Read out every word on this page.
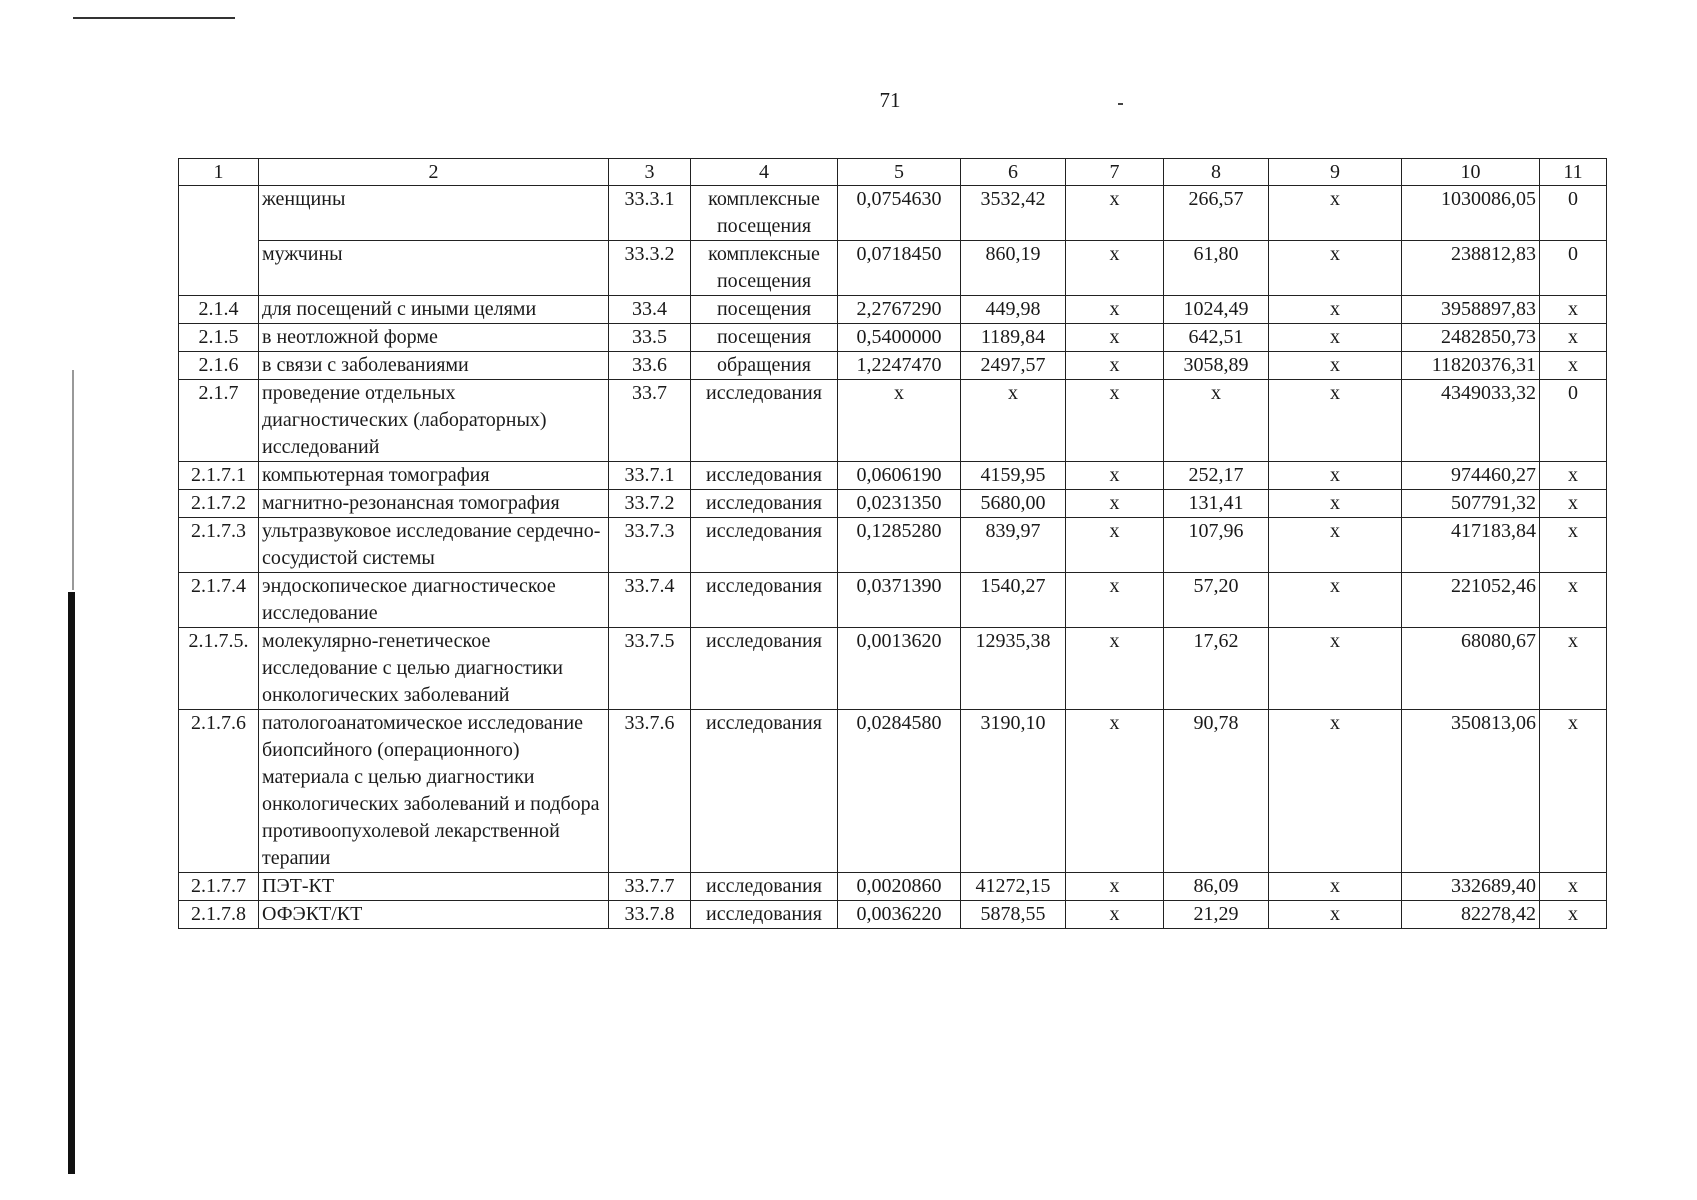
71
1	2	3	4	5	6	7	8	9	10	11
	женщины	33.3.1	комплексные посещения	0,0754630	3532,42	х	266,57	х	1030086,05	0
	мужчины	33.3.2	комплексные посещения	0,0718450	860,19	х	61,80	х	238812,83	0
2.1.4	для посещений с иными целями	33.4	посещения	2,2767290	449,98	х	1024,49	х	3958897,83	х
2.1.5	в неотложной форме	33.5	посещения	0,5400000	1189,84	х	642,51	х	2482850,73	х
2.1.6	в связи с заболеваниями	33.6	обращения	1,2247470	2497,57	х	3058,89	х	11820376,31	х
2.1.7	проведение отдельных диагностических (лабораторных) исследований	33.7	исследования	х	х	х	х	х	4349033,32	0
2.1.7.1	компьютерная томография	33.7.1	исследования	0,0606190	4159,95	х	252,17	х	974460,27	х
2.1.7.2	магнитно-резонансная томография	33.7.2	исследования	0,0231350	5680,00	х	131,41	х	507791,32	х
2.1.7.3	ультразвуковое исследование сердечно-сосудистой системы	33.7.3	исследования	0,1285280	839,97	х	107,96	х	417183,84	х
2.1.7.4	эндоскопическое диагностическое исследование	33.7.4	исследования	0,0371390	1540,27	х	57,20	х	221052,46	х
2.1.7.5.	молекулярно-генетическое исследование с целью диагностики онкологических заболеваний	33.7.5	исследования	0,0013620	12935,38	х	17,62	х	68080,67	х
2.1.7.6	патологоанатомическое исследование биопсийного (операционного) материала с целью диагностики онкологических заболеваний и подбора противоопухолевой лекарственной терапии	33.7.6	исследования	0,0284580	3190,10	х	90,78	х	350813,06	х
2.1.7.7	ПЭТ-КТ	33.7.7	исследования	0,0020860	41272,15	х	86,09	х	332689,40	х
2.1.7.8	ОФЭКТ/КТ	33.7.8	исследования	0,0036220	5878,55	х	21,29	х	82278,42	х
